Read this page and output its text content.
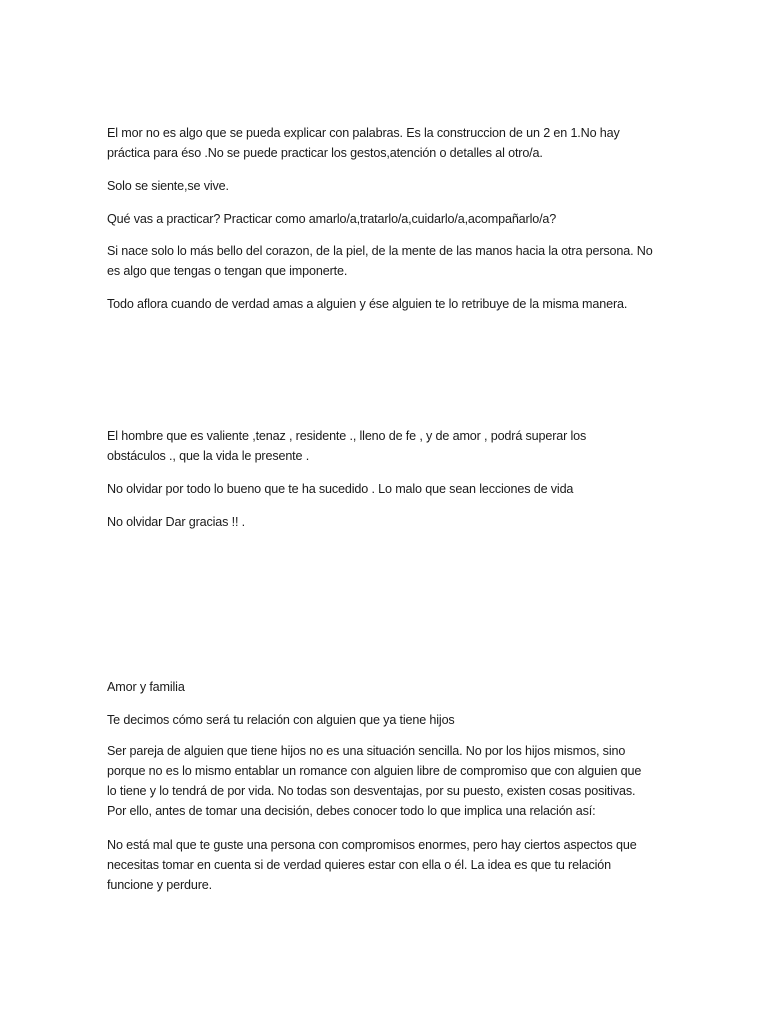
El mor no es algo que se pueda explicar con palabras. Es la construccion de un 2 en 1.No hay
práctica para éso .No se puede practicar los gestos,atención o detalles al otro/a.

Solo se siente,se vive.

Qué vas a practicar? Practicar como amarlo/a,tratarlo/a,cuidarlo/a,acompañarlo/a?

Si nace solo lo más bello del corazon, de la piel, de la mente de las manos hacia la otra persona. No
es algo que tengas o tengan que imponerte.

Todo aflora cuando de verdad amas a alguien y ése alguien te lo retribuye de la misma manera.

El hombre que es valiente ,tenaz , residente ., lleno de fe , y de amor , podrá superar los
obstáculos ., que la vida le presente .

No olvidar por todo lo bueno que te ha sucedido . Lo malo que sean lecciones de vida

No olvidar Dar gracias !! .

Amor y familia

Te decimos cómo será tu relación con alguien que ya tiene hijos

Ser pareja de alguien que tiene hijos no es una situación sencilla. No por los hijos mismos, sino
porque no es lo mismo entablar un romance con alguien libre de compromiso que con alguien que
lo tiene y lo tendrá de por vida. No todas son desventajas, por su puesto, existen cosas positivas.
Por ello, antes de tomar una decisión, debes conocer todo lo que implica una relación así:

No está mal que te guste una persona con compromisos enormes, pero hay ciertos aspectos que
necesitas tomar en cuenta si de verdad quieres estar con ella o él. La idea es que tu relación
funcione y perdure.
